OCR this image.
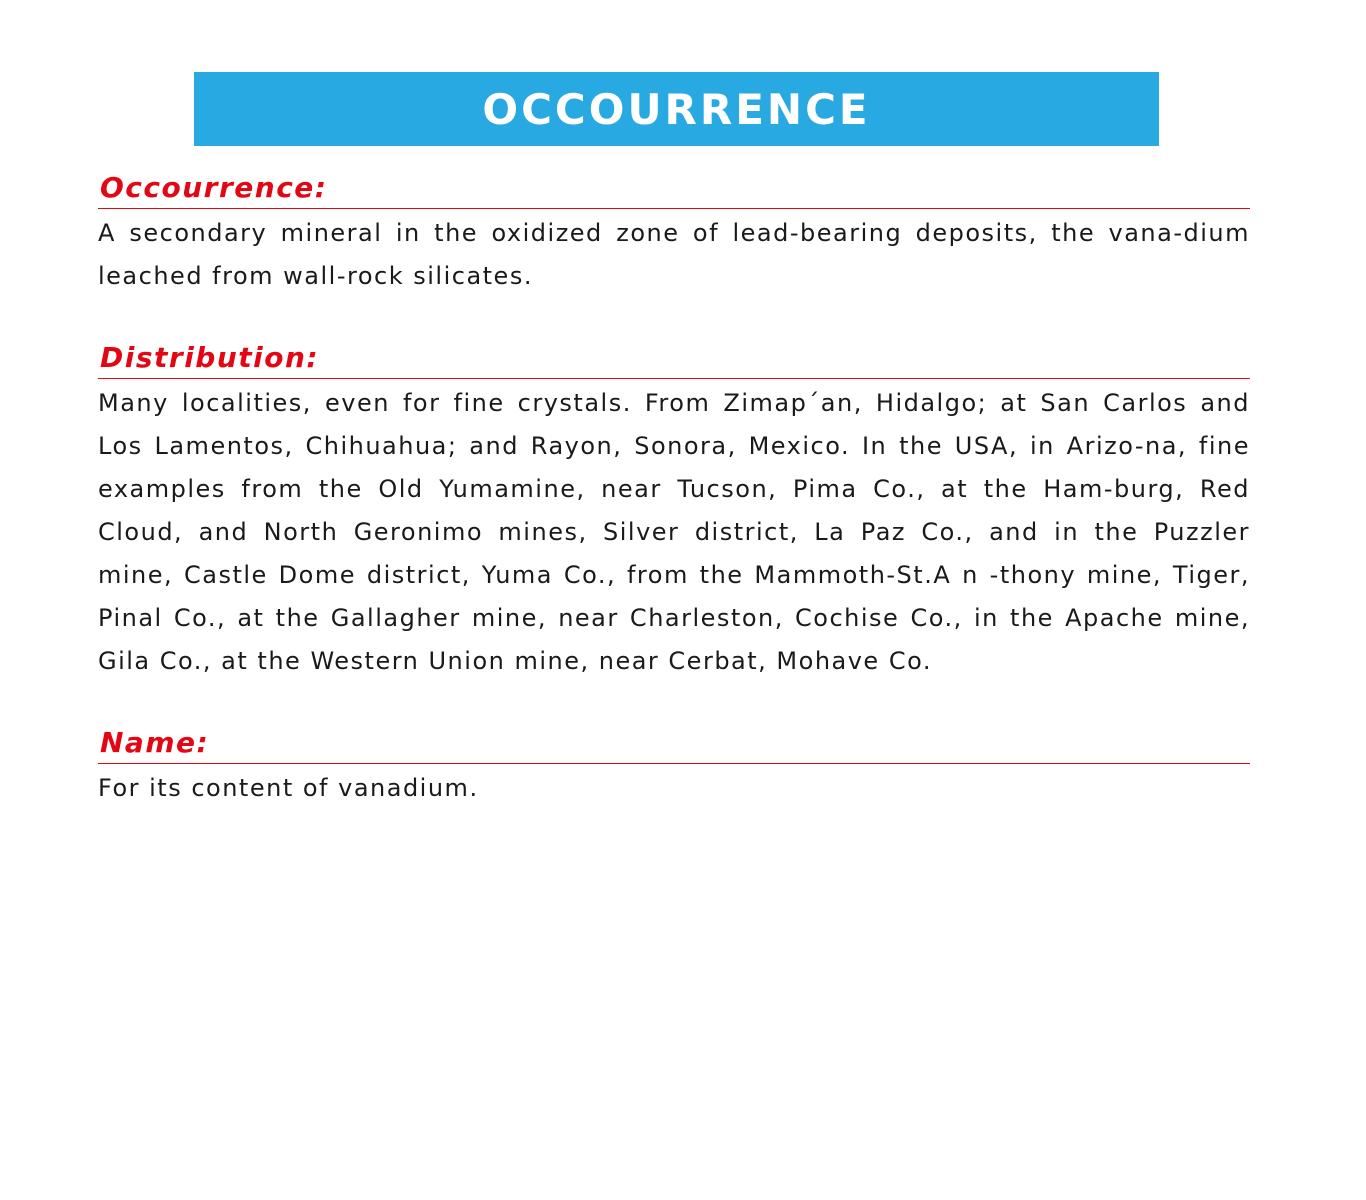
OCCOURRENCE
Occourrence:
A secondary mineral in the oxidized zone of lead-bearing deposits, the vana-dium leached from wall-rock silicates.
Distribution:
Many localities, even for fine crystals. From Zimap´an, Hidalgo; at San Carlos and Los Lamentos, Chihuahua; and Rayon, Sonora, Mexico. In the USA, in Arizo-na, fine examples from the Old Yumamine, near Tucson, Pima Co., at the Ham-burg, Red Cloud, and North Geronimo mines, Silver district, La Paz Co., and in the Puzzler mine, Castle Dome district, Yuma Co., from the Mammoth-St.A n -thony mine, Tiger, Pinal Co., at the Gallagher mine, near Charleston, Cochise Co., in the Apache mine, Gila Co., at the Western Union mine, near Cerbat, Mohave Co.
Name:
For its content of vanadium.
